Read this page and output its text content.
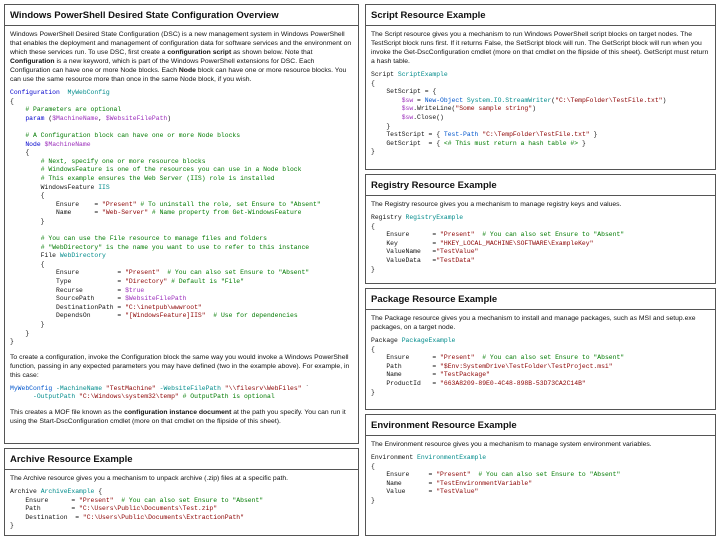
Windows PowerShell Desired State Configuration Overview

Windows PowerShell Desired State Configuration (DSC) is a new management system in Windows PowerShell that enables the deployment and management of configuration data for software services and the environment on which these services run. To use DSC, first create a configuration script as shown below. Note that Configuration is a new keyword, which is part of the Windows PowerShell extensions for DSC. Each Configuration can have one or more Node blocks. Each Node block can have one or more resource blocks. You can use the same resource more than once in the same Node block, if you wish.

Configuration MyWebConfig
{
# Parameters are optional
param ($MachineName, $WebsiteFilePath)

# A Configuration block can have one or more Node blocks
Node $MachineName
{
# Next, specify one or more resource blocks
# WindowsFeature is one of the resources you can use in a Node block
# This example ensures the Web Server (IIS) role is installed
WindowsFeature IIS
{
Ensure    = "Present" # To uninstall the role, set Ensure to "Absent"
Name      = "Web-Server" # Name property from Get-WindowsFeature
}

# You can use the File resource to manage files and folders
# "WebDirectory" is the name you want to use to refer to this instance
File WebDirectory
{
Ensure          = "Present" # You can also set Ensure to "Absent"
Type            = "Directory" # Default is "File"
Recurse         = $true
SourcePath      = $WebsiteFilePath
DestinationPath = "C:\inetpub\wwwroot"
DependsOn       = "[WindowsFeature]IIS" # Use for dependencies
}
}
}

To create a configuration, invoke the Configuration block the same way you would invoke a Windows PowerShell function, passing in any expected parameters you may have defined (two in the example above). For example, in this case:

MyWebConfig -MachineName "TestMachine" -WebsiteFilePath "\\filesrv\WebFiles" `
-OutputPath "C:\Windows\system32\temp" # OutputPath is optional

This creates a MOF file known as the configuration instance document at the path you specify. You can run it using the Start-DscConfiguration cmdlet (more on that cmdlet on the flipside of this sheet).

Archive Resource Example

The Archive resource gives you a mechanism to unpack archive (.zip) files at a specific path.

Archive ArchiveExample {
Ensure      = "Present" # You can also set Ensure to "Absent"
Path        = "C:\Users\Public\Documents\Test.zip"
Destination  = "C:\Users\Public\Documents\ExtractionPath"
}
Script Resource Example

The Script resource gives you a mechanism to run Windows PowerShell script blocks on target nodes. The TestScript block runs first. If it returns False, the SetScript block will run. The GetScript block will run when you invoke the Get-DscConfiguration cmdlet (more on that cmdlet on the flipside of this sheet). GetScript must return a hash table.

Script ScriptExample
{
SetScript = {
$sw = New-Object System.IO.StreamWriter("C:\TempFolder\TestFile.txt")
$sw.WriteLine("Some sample string")
$sw.Close()
}
TestScript = { Test-Path "C:\TempFolder\TestFile.txt" }
GetScript  = { <# This must return a hash table #> }
}
Registry Resource Example

The Registry resource gives you a mechanism to manage registry keys and values.

Registry RegistryExample
{
Ensure      = "Present" # You can also set Ensure to "Absent"
Key         = "HKEY_LOCAL_MACHINE\SOFTWARE\ExampleKey"
ValueName   ="TestValue"
ValueData   ="TestData"
}
Package Resource Example

The Package resource gives you a mechanism to install and manage packages, such as MSI and setup.exe packages, on a target node.

Package PackageExample
{
Ensure      = "Present" # You can also set Ensure to "Absent"
Path        = "$Env:SystemDrive\TestFolder\TestProject.msi"
Name        = "TestPackage"
ProductId   = "663A8209-89E0-4C48-898B-53D73CA2C14B"
}
Environment Resource Example

The Environment resource gives you a mechanism to manage system environment variables.

Environment EnvironmentExample
{
Ensure     = "Present" # You can also set Ensure to "Absent"
Name       = "TestEnvironmentVariable"
Value      = "TestValue"
}
